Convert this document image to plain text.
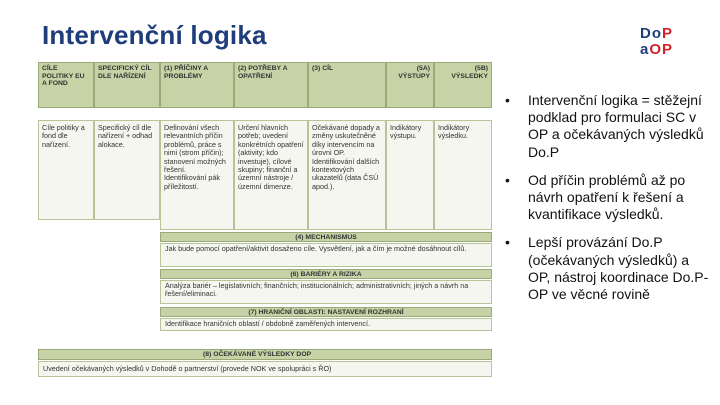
Intervenční logika	DoP
aOP
CÍLE POLITIKY EU A FOND
SPECIFICKÝ CÍL DLE NAŘÍZENÍ
(1) PŘÍČINY A PROBLÉMY
(2) POTŘEBY A OPATŘENÍ
(3) CÍL	(5A) VÝSTUPY
(5B) VÝSLEDKY
Cíle politiky a fond dle nařízení.
Specifický cíl dle nařízení + odhad alokace.
Definování všech relevantních příčin problémů, práce s nimi (strom příčin); stanovení možných řešení. Identifikování pák příležitostí.
Určení hlavních potřeb; uvedení konkrétních opatření (aktivity; kdo investuje), cílové skupiny; finanční a územní nástroje / územní dimenze.
Očekávané dopady a změny uskutečněné díky intervencím na úrovni OP. Identifikování dalších kontextových ukazatelů (data ČSÚ apod.).
Indikátory výstupu.
Indikátory výsledku.
(4) MECHANISMUS
Jak bude pomocí opatření/aktivit dosaženo cíle. Vysvětlení, jak a čím je možné dosáhnout cílů.
(6) BARIÉRY A RIZIKA
Analýza bariér – legislativních; finančních; institucionálních; administrativních; jiných a návrh na řešení/eliminaci.
(7) HRANIČNÍ OBLASTI: NASTAVENÍ ROZHRANÍ
Identifikace hraničních oblastí / obdobně zaměřených intervencí.
(8) OČEKÁVANÉ VÝSLEDKY DOP
Uvedení očekávaných výsledků v Dohodě o partnerství (provede NOK ve spolupráci s ŘO)
• Intervenční logika = stěžejní podklad pro formulaci SC v OP a očekávaných výsledků Do.P
• Od příčin problémů až po návrh opatření k řešení a kvantifikace výsledků.
• Lepší provázání Do.P (očekávaných výsledků) a OP, nástroj koordinace Do.P-OP ve věcné rovině
